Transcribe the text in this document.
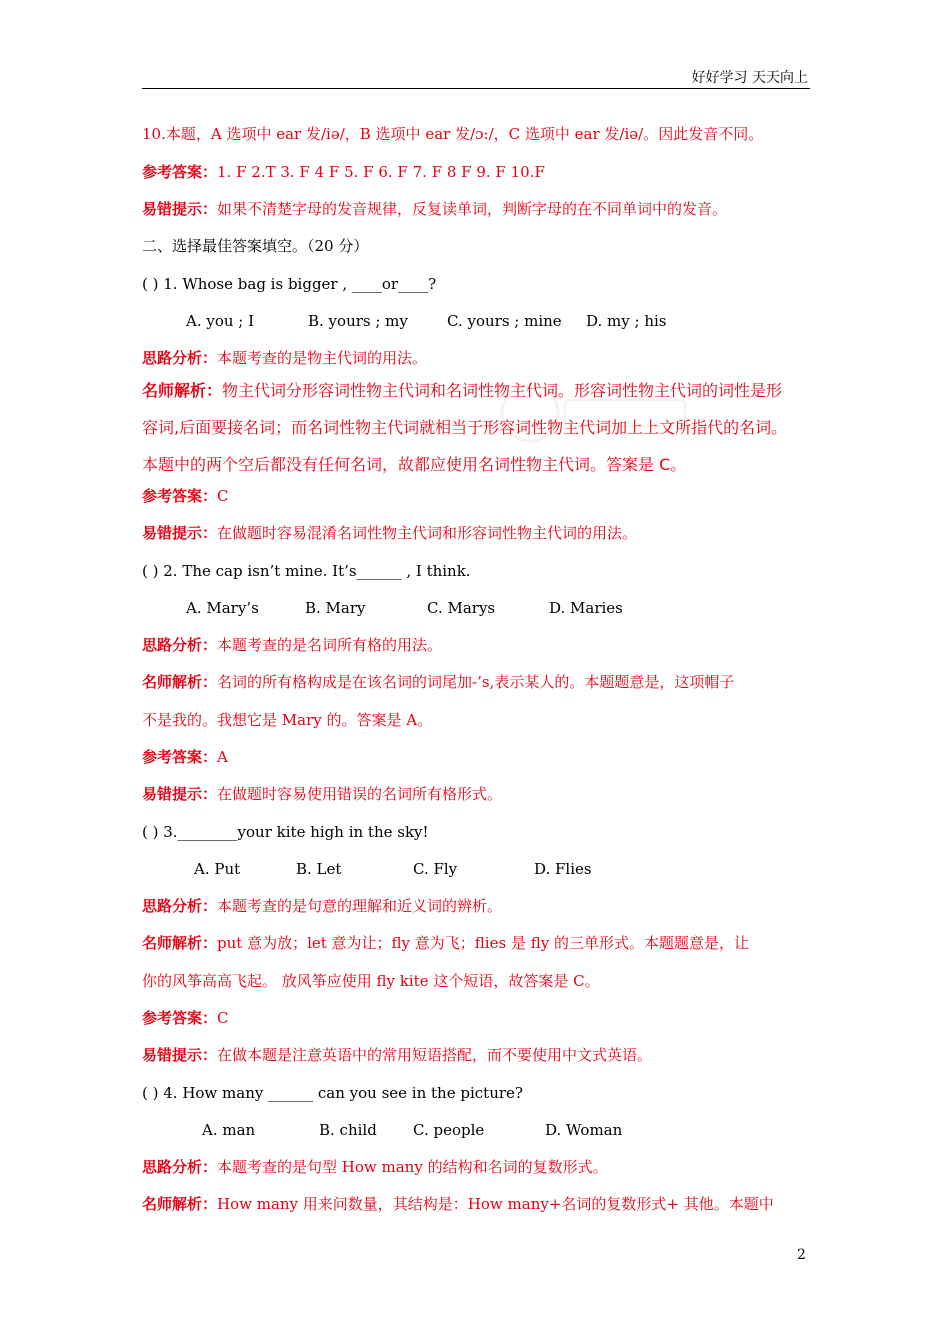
好好学习 天天向上
10.本题，A 选项中 ear 发/iə/，B 选项中 ear 发/ɔ:/，C 选项中 ear 发/iə/。因此发音不同。
参考答案：1. F 2.T 3. F 4 F 5. F 6. F 7. F 8 F 9. F 10.F
易错提示：如果不清楚字母的发音规律，反复读单词，判断字母的在不同单词中的发音。
二、选择最佳答案填空。（20 分）
( ) 1. Whose bag is bigger , ____or____?
A. you ; I	B. yours ; my	C. yours ; mine D. my ; his
思路分析：本题考查的是物主代词的用法。
名师解析：物主代词分形容词性物主代词和名词性物主代词。形容词性物主代词的词性是形
容词,后面要接名词；而名词性物主代词就相当于形容词性物主代词加上上文所指代的名词。
本题中的两个空后都没有任何名词，故都应使用名词性物主代词。答案是 C。
参考答案：C
易错提示：在做题时容易混淆名词性物主代词和形容词性物主代词的用法。
( ) 2. The cap isn’t mine. It’s______ , I think.
A. Mary’s	B. Mary	C. Marys	D. Maries
思路分析：本题考查的是名词所有格的用法。
名师解析：名词的所有格构成是在该名词的词尾加-’s,表示某人的。本题题意是，这项帽子
不是我的。我想它是 Mary 的。答案是 A。
参考答案：A
易错提示：在做题时容易使用错误的名词所有格形式。
( ) 3.________your kite high in the sky!
A. Put	B. Let	C. Fly	D. Flies
思路分析：本题考查的是句意的理解和近义词的辨析。
名师解析：put 意为放；let 意为让；fly 意为飞；flies 是 fly 的三单形式。本题题意是，让
你的风筝高高飞起。 放风筝应使用 fly kite 这个短语，故答案是 C。
参考答案：C
易错提示：在做本题是注意英语中的常用短语搭配，而不要使用中文式英语。
( ) 4. How many ______ can you see in the picture?
A. man	B. child C. people	D. Woman
思路分析：本题考查的是句型 How many 的结构和名词的复数形式。
名师解析：How many 用来问数量，其结构是：How many+名词的复数形式+ 其他。本题中
2
